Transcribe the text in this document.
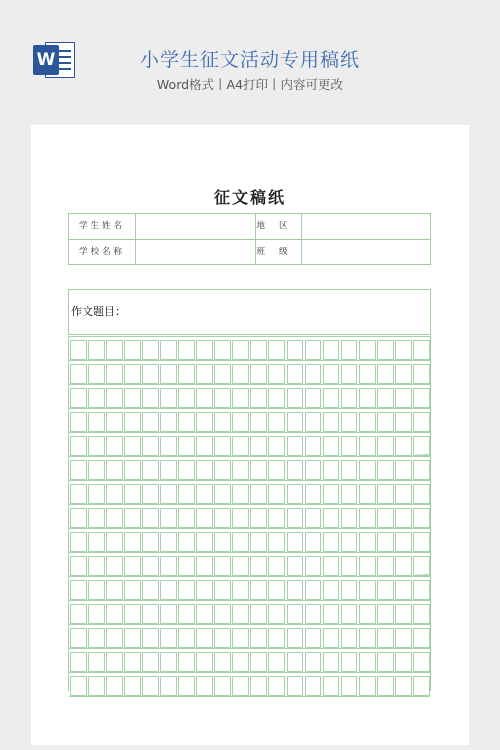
W	小学生征文活动专用稿纸
Word格式丨A4打印丨内容可更改
征文稿纸
学生姓名	地区
学校名称	班级
作文题目：
100字
200字
